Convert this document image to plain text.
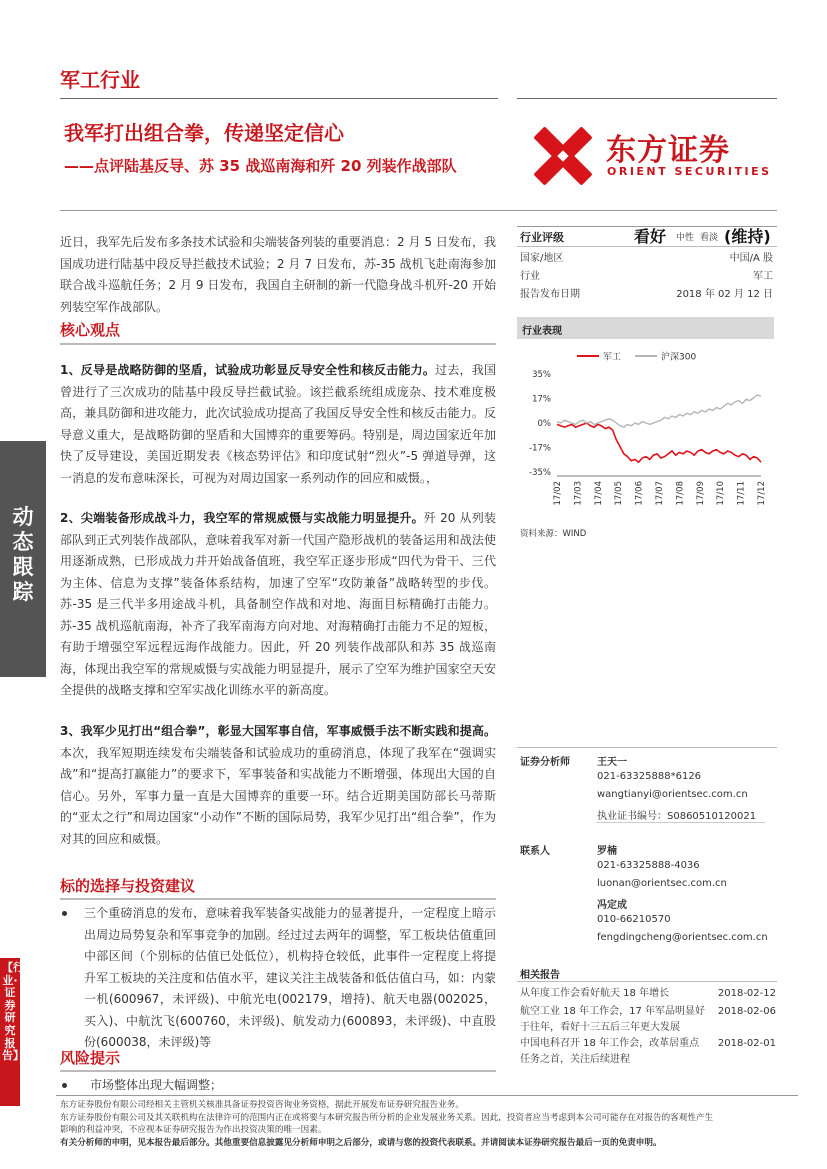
军工行业
我军打出组合拳，传递坚定信心
——点评陆基反导、苏 35 战巡南海和歼 20 列装作战部队	东方证券
ORIENT SECURITIES
动态跟踪
【行业·证券研究报告】
近日，我军先后发布多条技术试验和尖端装备列装的重要消息：2 月 5 日发布，我国成功进行陆基中段反导拦截技术试验；2 月 7 日发布，苏-35 战机飞赴南海参加联合战斗巡航任务；2 月 9 日发布，我国自主研制的新一代隐身战斗机歼-20 开始列装空军作战部队。
核心观点
1、反导是战略防御的坚盾，试验成功彰显反导安全性和核反击能力。过去，我国曾进行了三次成功的陆基中段反导拦截试验。该拦截系统组成庞杂、技术难度极高，兼具防御和进攻能力，此次试验成功提高了我国反导安全性和核反击能力。反导意义重大，是战略防御的坚盾和大国博弈的重要筹码。特别是，周边国家近年加快了反导建设，美国近期发表《核态势评估》和印度试射“烈火”-5 弹道导弹，这一消息的发布意味深长，可视为对周边国家一系列动作的回应和威慑。，
2、尖端装备形成战斗力，我空军的常规威慑与实战能力明显提升。歼 20 从列装部队到正式列装作战部队，意味着我军对新一代国产隐形战机的装备运用和战法使用逐渐成熟，已形成战力并开始战备值班，我空军正逐步形成“四代为骨干、三代为主体、信息为支撑”装备体系结构，加速了空军“攻防兼备”战略转型的步伐。苏-35 是三代半多用途战斗机，具备制空作战和对地、海面目标精确打击能力。苏-35 战机巡航南海，补齐了我军南海方向对地、对海精确打击能力不足的短板，有助于增强空军远程远海作战能力。因此，歼 20 列装作战部队和苏 35 战巡南海，体现出我空军的常规威慑与实战能力明显提升，展示了空军为维护国家空天安全提供的战略支撑和空军实战化训练水平的新高度。
3、我军少见打出“组合拳”，彰显大国军事自信，军事威慑手法不断实践和提高。本次，我军短期连续发布尖端装备和试验成功的重磅消息，体现了我军在“强调实战”和“提高打赢能力”的要求下，军事装备和实战能力不断增强，体现出大国的自信心。另外，军事力量一直是大国博弈的重要一环。结合近期美国防部长马蒂斯的“亚太之行”和周边国家“小动作”不断的国际局势，我军少见打出“组合拳”，作为对其的回应和威慑。
标的选择与投资建议
三个重磅消息的发布，意味着我军装备实战能力的显著提升，一定程度上暗示出周边局势复杂和军事竞争的加剧。经过过去两年的调整，军工板块估值重回中部区间（个别标的估值已处低位），机构持仓较低，此事件一定程度上将提升军工板块的关注度和估值水平，建议关注主战装备和低估值白马，如：内蒙一机(600967，未评级)、中航光电(002179，增持)、航天电器(002025，买入)、中航沈飞(600760，未评级)、航发动力(600893，未评级)、中直股份(600038，未评级)等
风险提示
市场整体出现大幅调整；
行业评级	看好 中性 看淡 (维持)
国家/地区	中国/A 股
行业	军工
报告发布日期	2018 年 02 月 12 日
行业表现
军工	沪深300
35%
17%
0%
-17%
-35%
17/02 17/03 17/04 17/05 17/06 17/07 17/08 17/09 17/10 17/11 17/12
资料来源：WIND
证券分析师	王天一
021-63325888*6126
wangtianyi@orientsec.com.cn
执业证书编号：S0860510120021
联系人	罗楠
021-63325888-4036
luonan@orientsec.com.cn
冯定成
010-66210570
fengdingcheng@orientsec.com.cn
相关报告
从年度工作会看好航天 18 年增长	2018-02-12
航空工业 18 年工作会，17 年军品明显好 2018-02-06
于往年，看好十三五后三年更大发展
中国电科召开 18 年工作会，改革居重点 2018-02-01
任务之首，关注后续进程
东方证券股份有限公司经相关主管机关核准具备证券投资咨询业务资格，据此开展发布证券研究报告业务。
东方证券股份有限公司及其关联机构在法律许可的范围内正在或将要与本研究报告所分析的企业发展业务关系。因此，投资者应当考虑到本公司可能存在对报告的客观性产生
影响的利益冲突，不应视本证券研究报告为作出投资决策的唯一因素。
有关分析师的申明，见本报告最后部分。其他重要信息披露见分析师申明之后部分，或请与您的投资代表联系。并请阅读本证券研究报告最后一页的免责申明。
